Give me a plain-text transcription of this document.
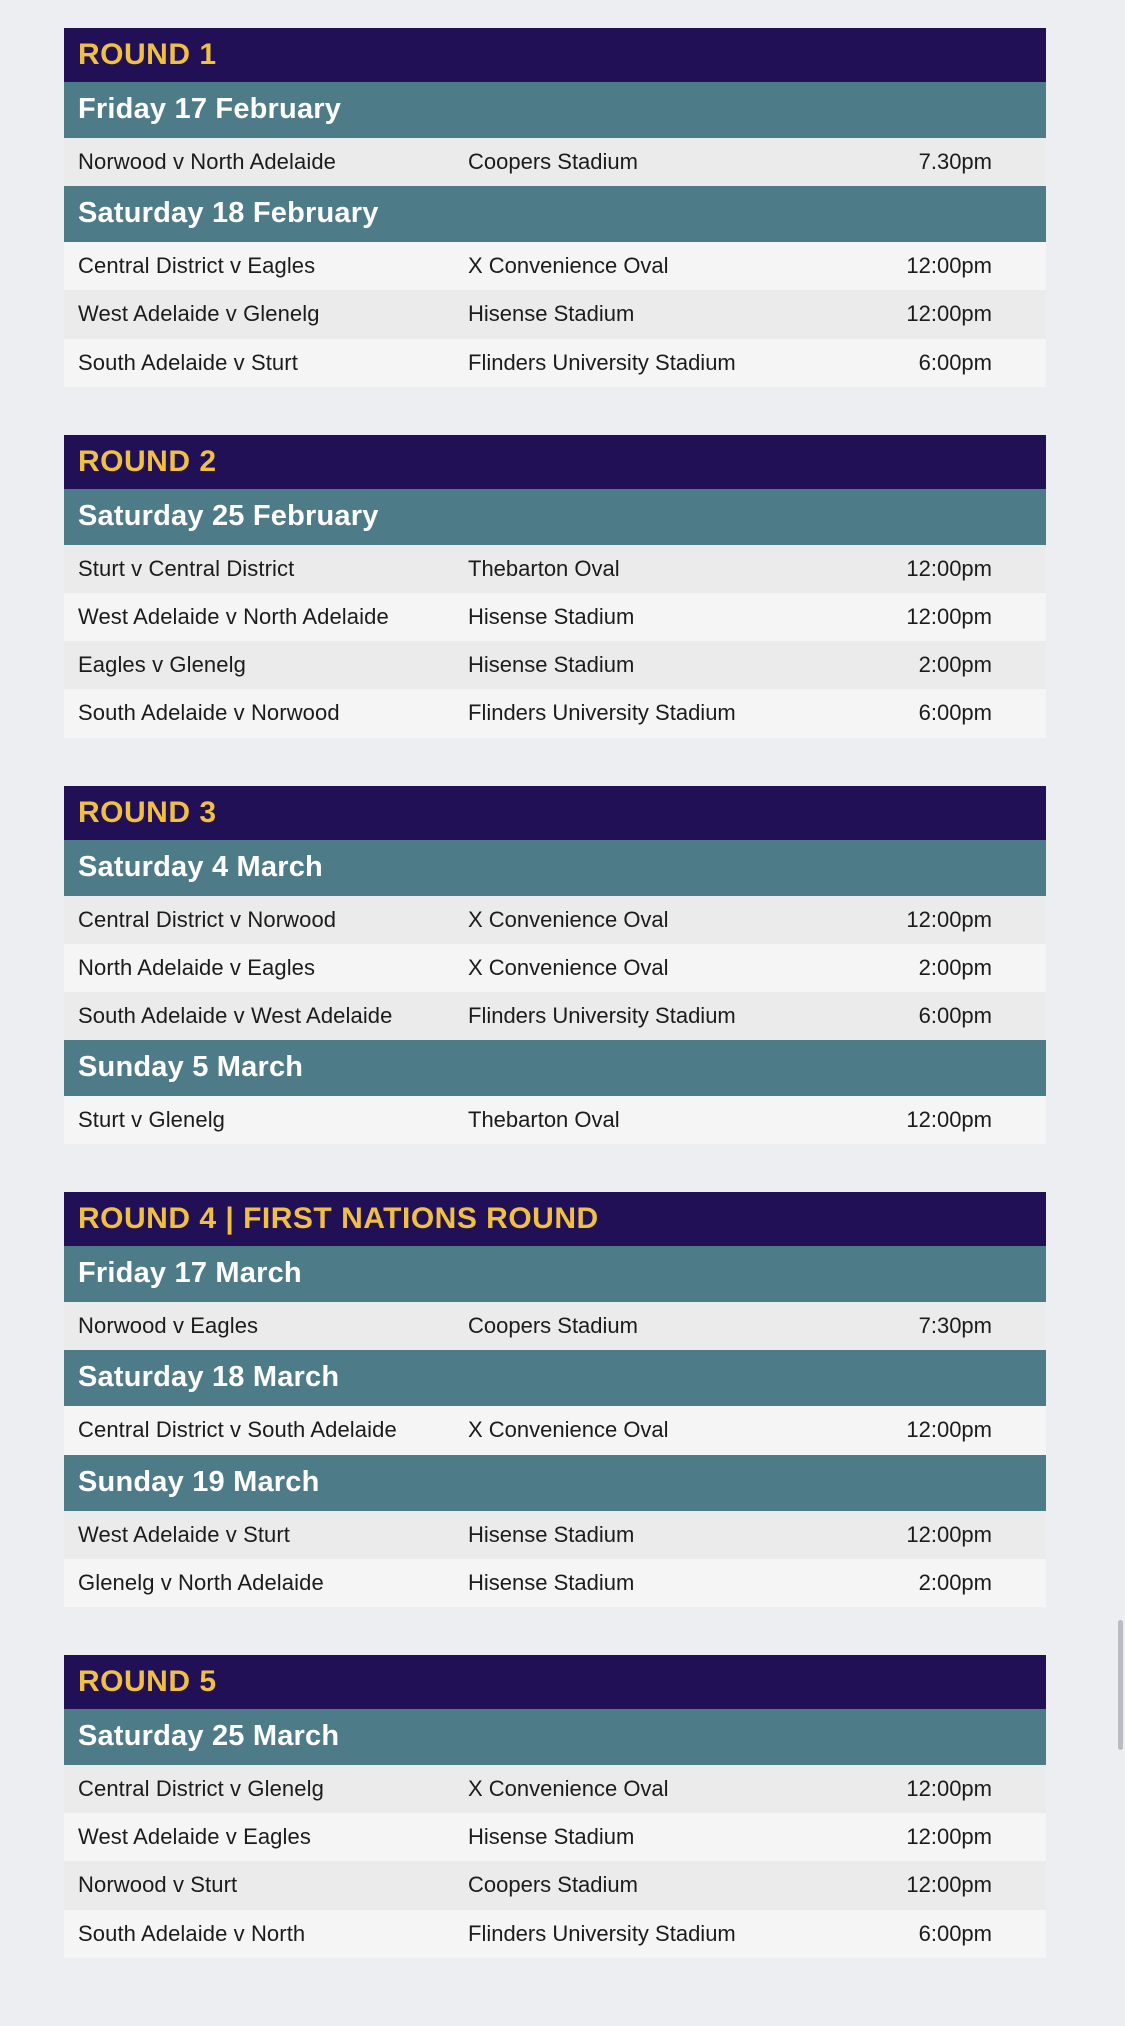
ROUND 1
Friday 17 February
Norwood v North Adelaide	Coopers Stadium	7.30pm
Saturday 18 February
Central District v Eagles	X Convenience Oval	12:00pm
West Adelaide v Glenelg	Hisense Stadium	12:00pm
South Adelaide v Sturt	Flinders University Stadium	6:00pm
ROUND 2
Saturday 25 February
Sturt v Central District	Thebarton Oval	12:00pm
West Adelaide v North Adelaide	Hisense Stadium	12:00pm
Eagles v Glenelg	Hisense Stadium	2:00pm
South Adelaide v Norwood	Flinders University Stadium	6:00pm
ROUND 3
Saturday 4 March
Central District v Norwood	X Convenience Oval	12:00pm
North Adelaide v Eagles	X Convenience Oval	2:00pm
South Adelaide v West Adelaide	Flinders University Stadium	6:00pm
Sunday 5 March
Sturt v Glenelg	Thebarton Oval	12:00pm
ROUND 4 | FIRST NATIONS ROUND
Friday 17 March
Norwood v Eagles	Coopers Stadium	7:30pm
Saturday 18 March
Central District v South Adelaide	X Convenience Oval	12:00pm
Sunday 19 March
West Adelaide v Sturt	Hisense Stadium	12:00pm
Glenelg v North Adelaide	Hisense Stadium	2:00pm
ROUND 5
Saturday 25 March
Central District v Glenelg	X Convenience Oval	12:00pm
West Adelaide v Eagles	Hisense Stadium	12:00pm
Norwood v Sturt	Coopers Stadium	12:00pm
South Adelaide v North	Flinders University Stadium	6:00pm
